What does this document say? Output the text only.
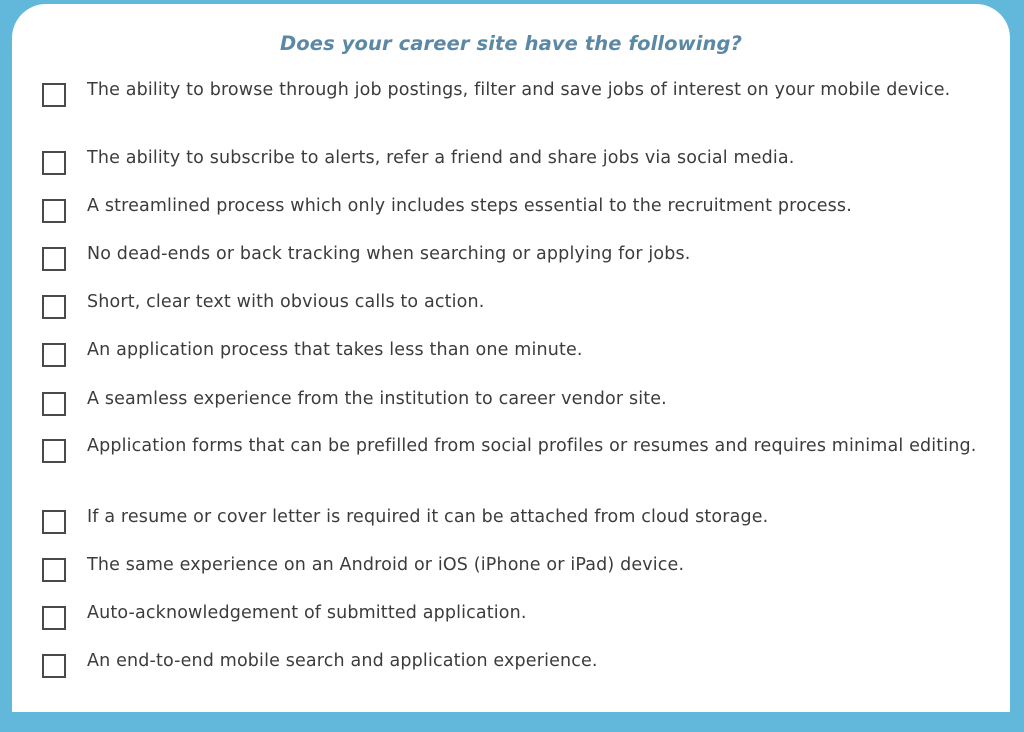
Does your career site have the following?
The ability to browse through job postings, filter and save jobs of interest on your mobile device.
The ability to subscribe to alerts, refer a friend and share jobs via social media.
A streamlined process which only includes steps essential to the recruitment process.
No dead-ends or back tracking when searching or applying for jobs.
Short, clear text with obvious calls to action.
An application process that takes less than one minute.
A seamless experience from the institution to career vendor site.
Application forms that can be prefilled from social profiles or resumes and requires minimal editing.
If a resume or cover letter is required it can be attached from cloud storage.
The same experience on an Android or iOS (iPhone or iPad) device.
Auto-acknowledgement of submitted application.
An end-to-end mobile search and application experience.
